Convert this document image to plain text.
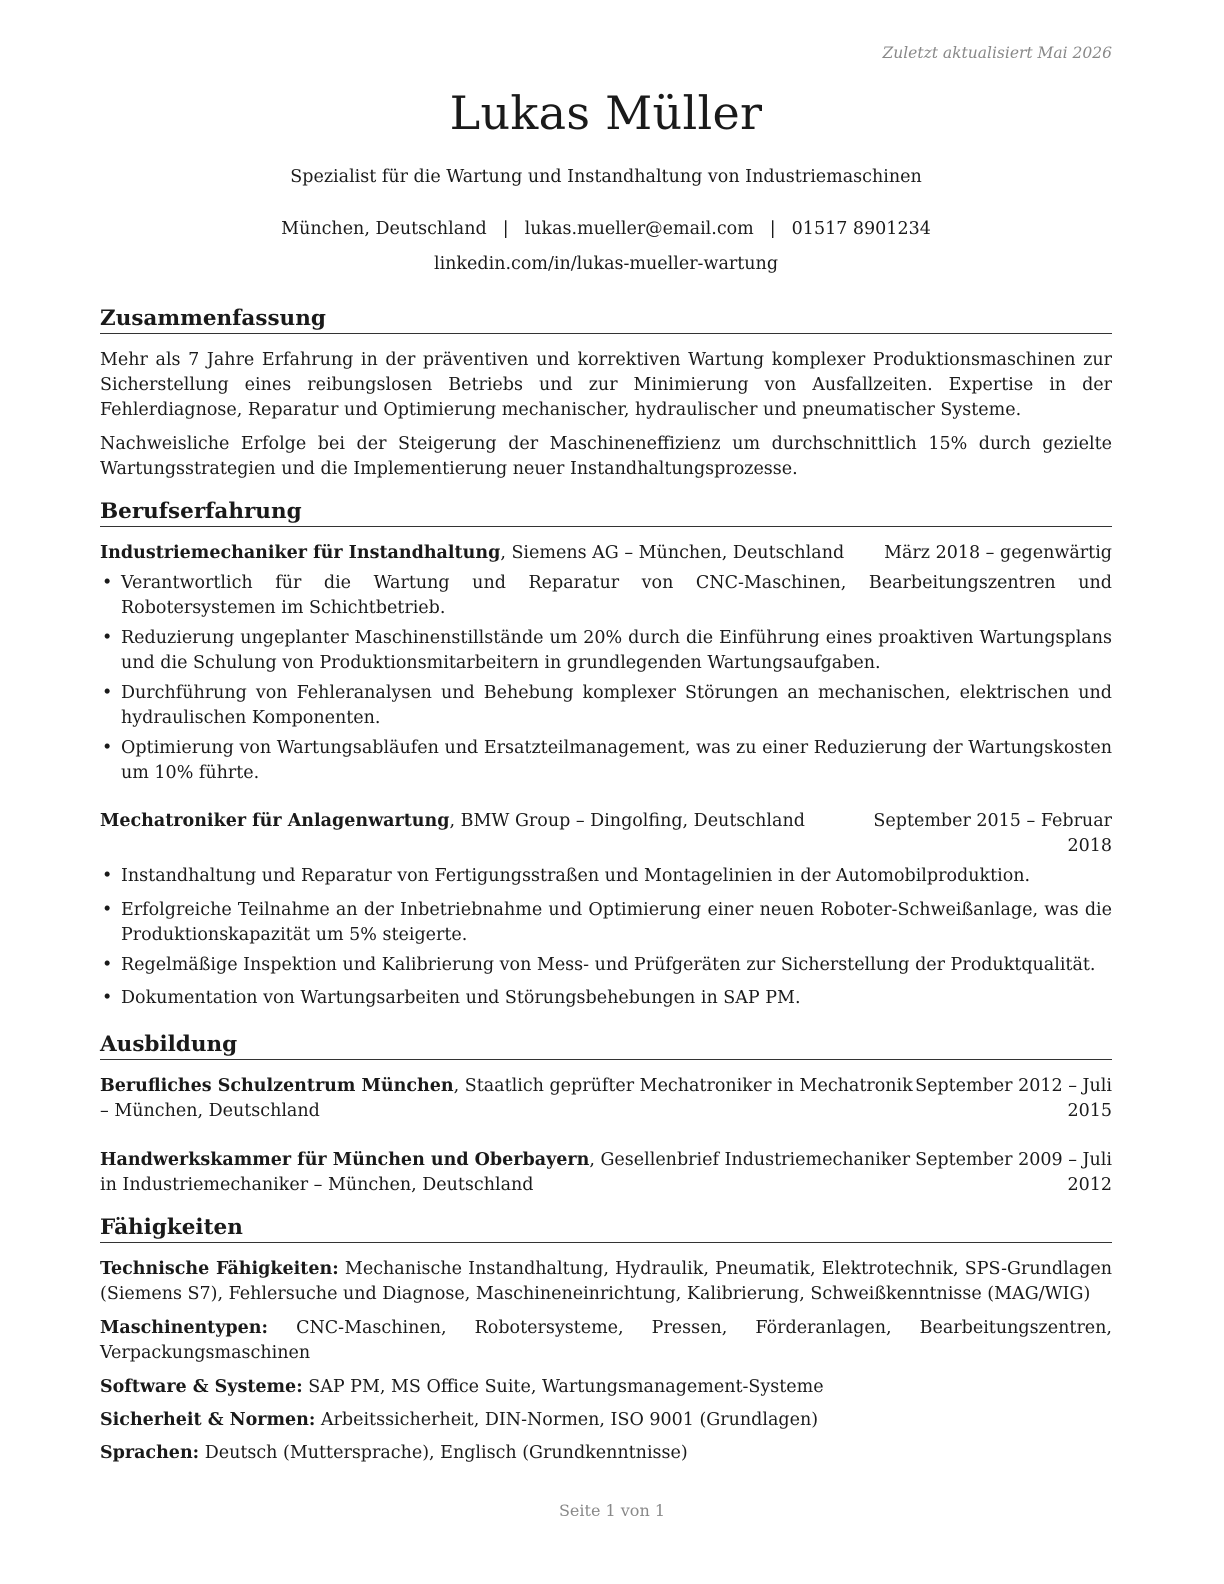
Zuletzt aktualisiert Mai 2026
Lukas Müller
Spezialist für die Wartung und Instandhaltung von Industriemaschinen
München, Deutschland | lukas.mueller@email.com | 01517 8901234
linkedin.com/in/lukas-mueller-wartung
Zusammenfassung
Mehr als 7 Jahre Erfahrung in der präventiven und korrektiven Wartung komplexer Produktionsmaschinen zur Sicherstellung eines reibungslosen Betriebs und zur Minimierung von Ausfallzeiten. Expertise in der Fehlerdiagnose, Reparatur und Optimierung mechanischer, hydraulischer und pneumatischer Systeme.
Nachweisliche Erfolge bei der Steigerung der Maschineneffizienz um durchschnittlich 15% durch gezielte Wartungsstrategien und die Implementierung neuer Instandhaltungsprozesse.
Berufserfahrung
Industriemechaniker für Instandhaltung, Siemens AG – München, Deutschland März 2018 – gegenwärtig
• Verantwortlich für die Wartung und Reparatur von CNC-Maschinen, Bearbeitungszentren und Robotersystemen im Schichtbetrieb.
• Reduzierung ungeplanter Maschinenstillstände um 20% durch die Einführung eines proaktiven Wartungsplans und die Schulung von Produktionsmitarbeitern in grundlegenden Wartungsaufgaben.
• Durchführung von Fehleranalysen und Behebung komplexer Störungen an mechanischen, elektrischen und hydraulischen Komponenten.
• Optimierung von Wartungsabläufen und Ersatzteilmanagement, was zu einer Reduzierung der Wartungskosten um 10% führte.
Mechatroniker für Anlagenwartung, BMW Group – Dingolfing, Deutschland	September 2015 – Februar
2018
• Instandhaltung und Reparatur von Fertigungsstraßen und Montagelinien in der Automobilproduktion.
• Erfolgreiche Teilnahme an der Inbetriebnahme und Optimierung einer neuen Roboter-Schweißanlage, was die Produktionskapazität um 5% steigerte.
• Regelmäßige Inspektion und Kalibrierung von Mess- und Prüfgeräten zur Sicherstellung der Produktqualität.
• Dokumentation von Wartungsarbeiten und Störungsbehebungen in SAP PM.
Ausbildung
Berufliches Schulzentrum München, Staatlich geprüfter Mechatroniker in Mechatronik
– München, Deutschland
September 2012 – Juli
2015
Handwerkskammer für München und Oberbayern, Gesellenbrief Industriemechaniker
in Industriemechaniker – München, Deutschland
September 2009 – Juli
2012
Fähigkeiten
Technische Fähigkeiten: Mechanische Instandhaltung, Hydraulik, Pneumatik, Elektrotechnik, SPS-Grundlagen (Siemens S7), Fehlersuche und Diagnose, Maschineneinrichtung, Kalibrierung, Schweißkenntnisse (MAG/WIG)
Maschinentypen: CNC-Maschinen, Robotersysteme, Pressen, Förderanlagen, Bearbeitungszentren, Verpackungsmaschinen
Software & Systeme: SAP PM, MS Office Suite, Wartungsmanagement-Systeme
Sicherheit & Normen: Arbeitssicherheit, DIN-Normen, ISO 9001 (Grundlagen)
Sprachen: Deutsch (Muttersprache), Englisch (Grundkenntnisse)
Seite 1 von 1
